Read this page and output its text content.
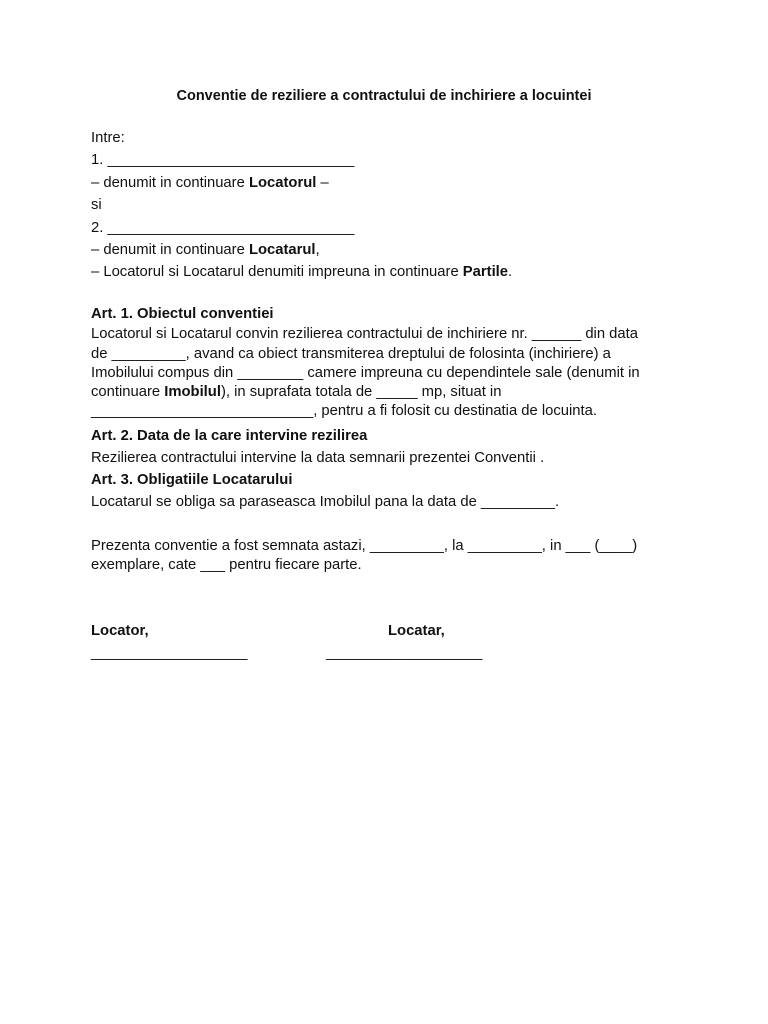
Conventie de reziliere a contractului de inchiriere a locuintei
Intre:
1. ______________________________
– denumit in continuare Locatorul –
si
2. ______________________________
– denumit in continuare Locatarul,
– Locatorul si Locatarul denumiti impreuna in continuare Partile.
Art. 1. Obiectul conventiei
Locatorul si Locatarul convin rezilierea contractului de inchiriere nr. ______ din data
de _________, avand ca obiect transmiterea dreptului de folosinta (inchiriere) a
Imobilului compus din ________ camere impreuna cu dependintele sale (denumit in
continuare Imobilul), in suprafata totala de _____ mp, situat in
___________________________, pentru a fi folosit cu destinatia de locuinta.
Art. 2. Data de la care intervine rezilirea
Rezilierea contractului intervine la data semnarii prezentei Conventii .
Art. 3. Obligatiile Locatarului
Locatarul se obliga sa paraseasca Imobilul pana la data de _________.
Prezenta conventie a fost semnata astazi, _________, la _________, in ___ (____)
exemplare, cate ___ pentru fiecare parte.
Locator,
___________________
Locatar,
___________________
